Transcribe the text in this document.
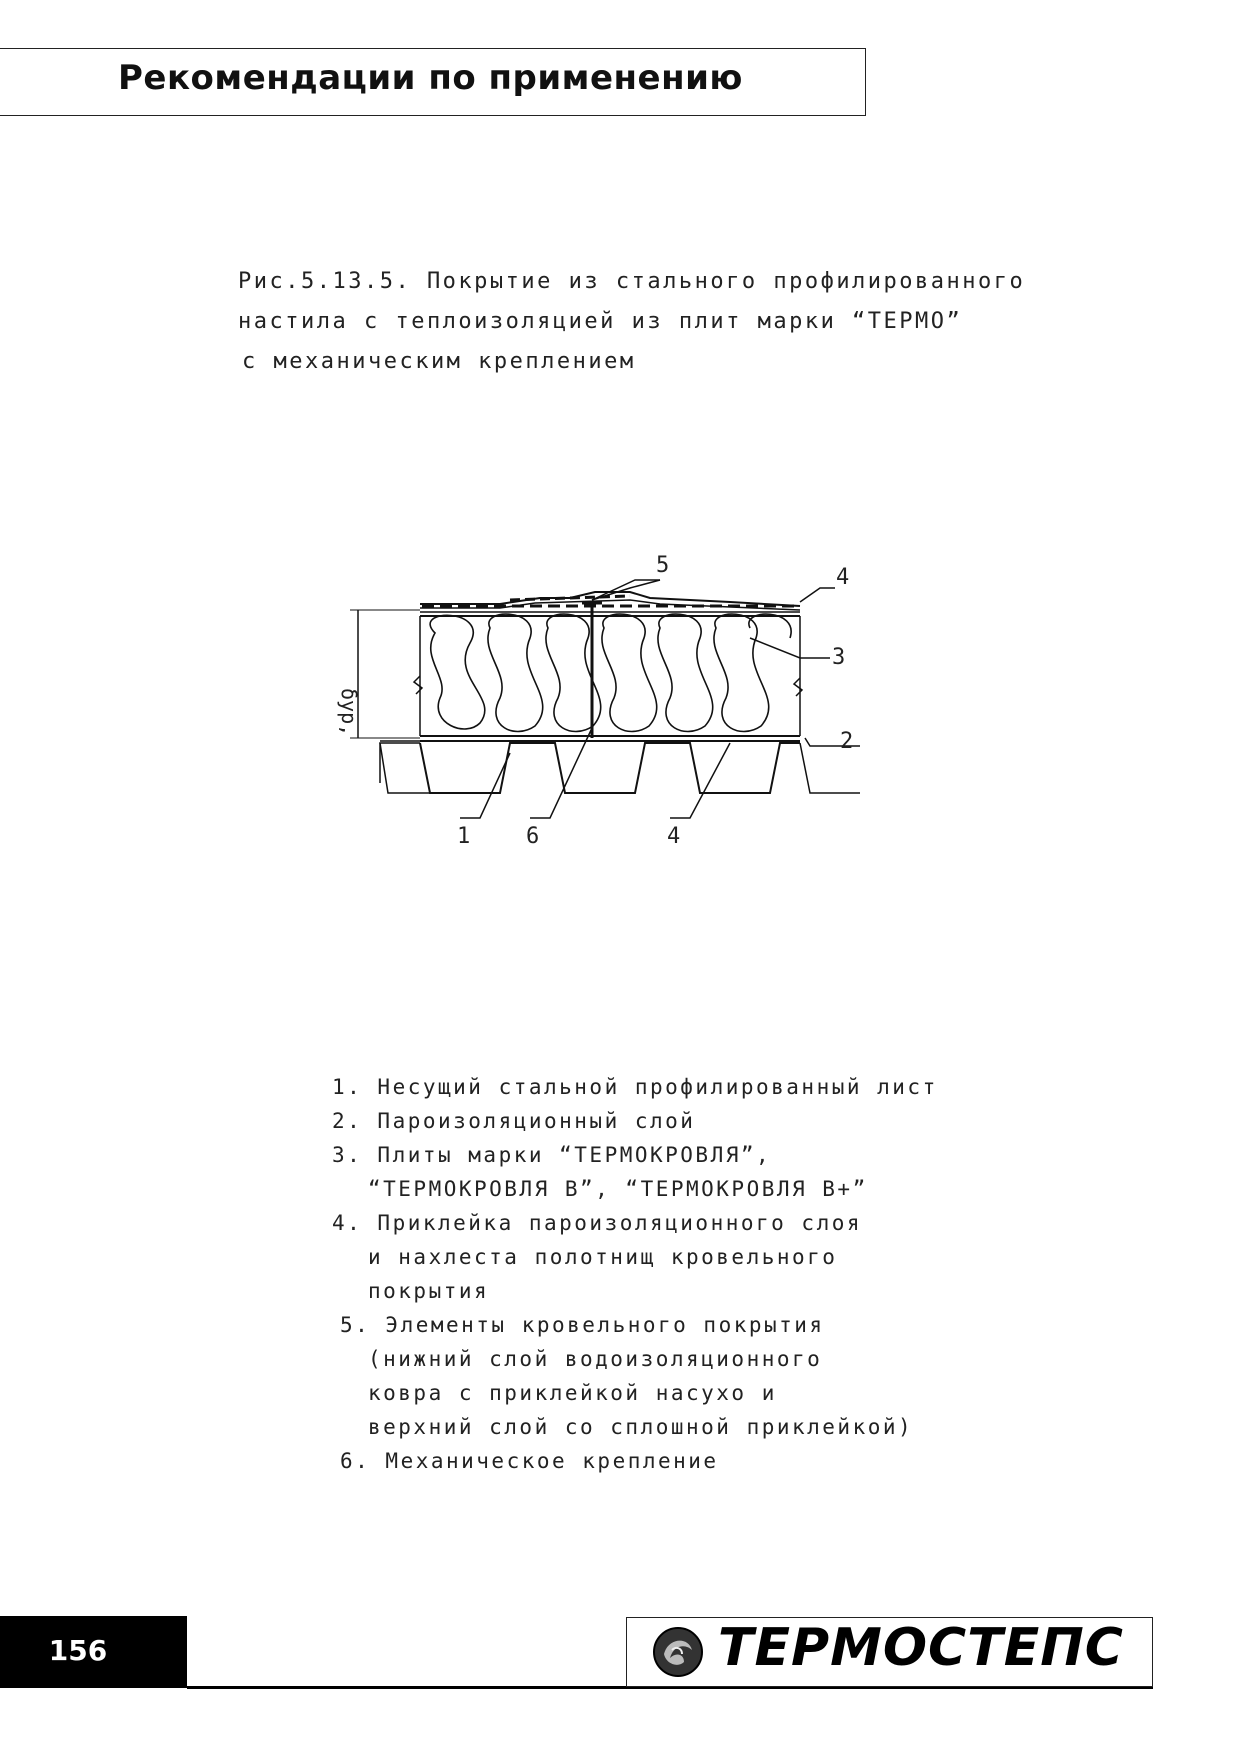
Рекомендации по применению
Рис.5.13.5. Покрытие из стального профилированного
настила с теплоизоляцией из плит марки “ТЕРМО”
с механическим креплением
5	4
3
2
1	6	4
δур,
1. Несущий стальной профилированный лист
2. Пароизоляционный слой
3. Плиты марки “ТЕРМОКРОВЛЯ”,
“ТЕРМОКРОВЛЯ В”, “ТЕРМОКРОВЛЯ В+”
4. Приклейка пароизоляционного слоя
и нахлеста полотнищ кровельного
покрытия
5. Элементы кровельного покрытия
(нижний слой водоизоляционного
ковра с приклейкой насухо и
верхний слой со сплошной приклейкой)
6. Механическое крепление
156	ТЕРМОСТЕПС
